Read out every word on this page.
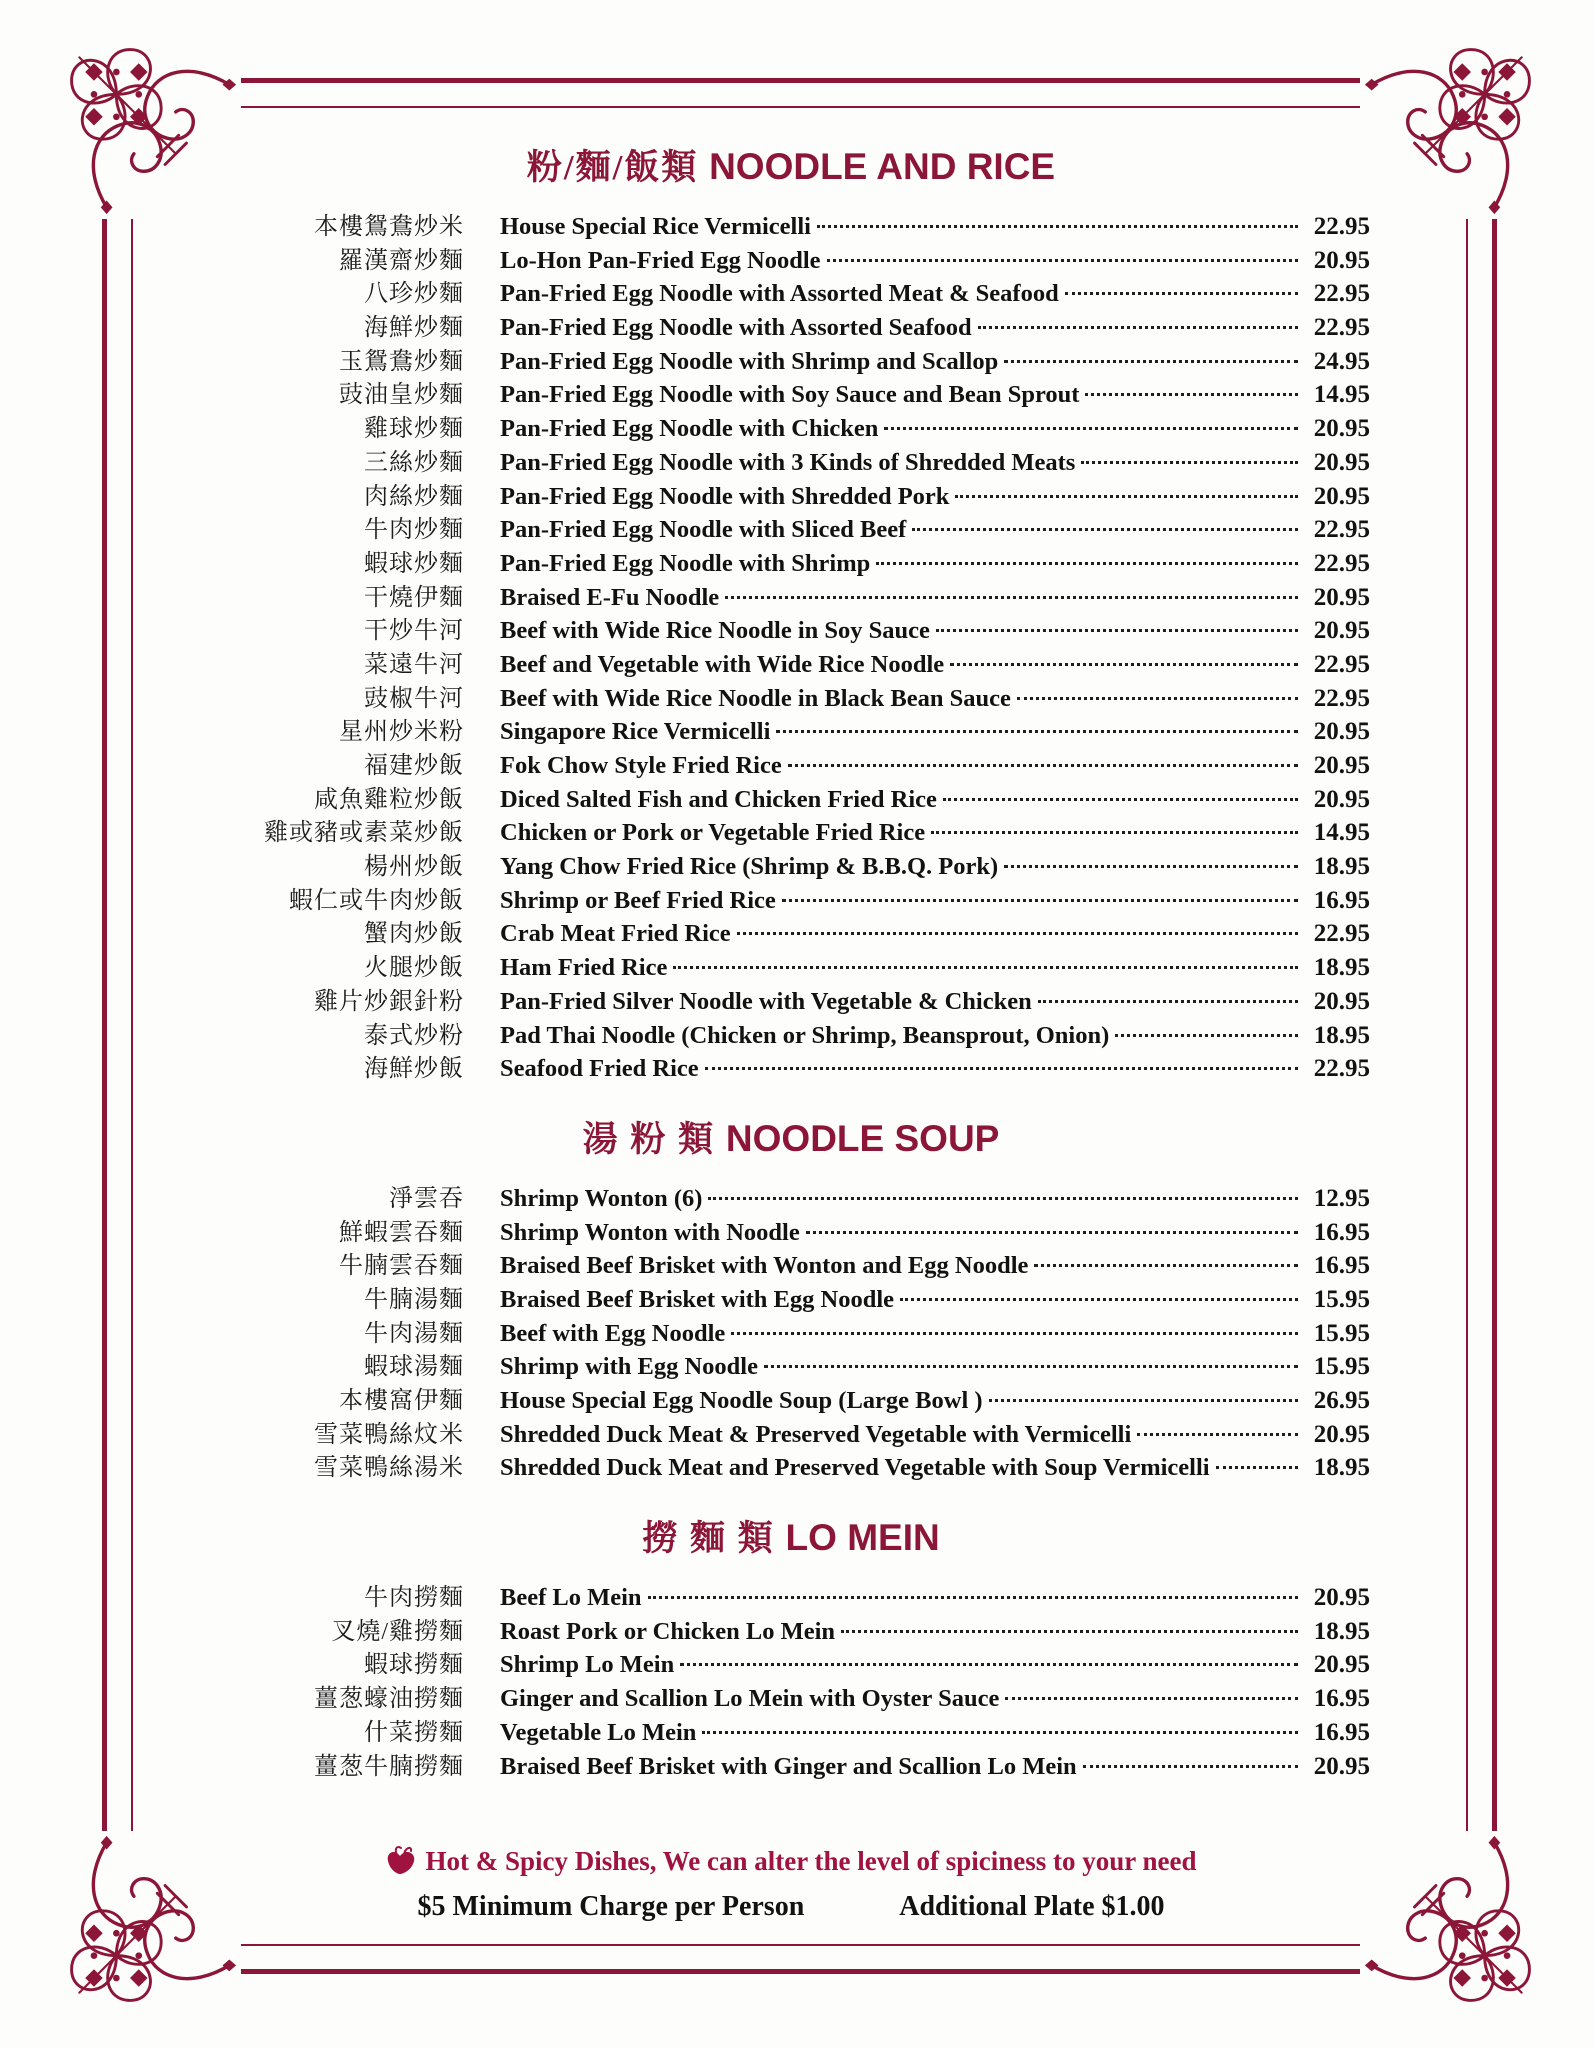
粉/麵/飯類 NOODLE AND RICE
本樓鴛鴦炒米 House Special Rice Vermicelli	22.95
羅漢齋炒麵 Lo-Hon Pan-Fried Egg Noodle	20.95
八珍炒麵 Pan-Fried Egg Noodle with Assorted Meat & Seafood	22.95
海鮮炒麵 Pan-Fried Egg Noodle with Assorted Seafood	22.95
玉鴛鴦炒麵 Pan-Fried Egg Noodle with Shrimp and Scallop	24.95
豉油皇炒麵 Pan-Fried Egg Noodle with Soy Sauce and Bean Sprout	14.95
雞球炒麵 Pan-Fried Egg Noodle with Chicken	20.95
三絲炒麵 Pan-Fried Egg Noodle with 3 Kinds of Shredded Meats	20.95
肉絲炒麵 Pan-Fried Egg Noodle with Shredded Pork	20.95
牛肉炒麵 Pan-Fried Egg Noodle with Sliced Beef	22.95
蝦球炒麵 Pan-Fried Egg Noodle with Shrimp	22.95
干燒伊麵 Braised E-Fu Noodle	20.95
干炒牛河 Beef with Wide Rice Noodle in Soy Sauce	20.95
菜遠牛河 Beef and Vegetable with Wide Rice Noodle	22.95
豉椒牛河 Beef with Wide Rice Noodle in Black Bean Sauce	22.95
星州炒米粉 Singapore Rice Vermicelli	20.95
福建炒飯 Fok Chow Style Fried Rice	20.95
咸魚雞粒炒飯 Diced Salted Fish and Chicken Fried Rice	20.95
雞或豬或素菜炒飯 Chicken or Pork or Vegetable Fried Rice	14.95
楊州炒飯 Yang Chow Fried Rice (Shrimp & B.B.Q. Pork)	18.95
蝦仁或牛肉炒飯 Shrimp or Beef Fried Rice	16.95
蟹肉炒飯 Crab Meat Fried Rice	22.95
火腿炒飯 Ham Fried Rice	18.95
雞片炒銀針粉 Pan-Fried Silver Noodle with Vegetable & Chicken	20.95
泰式炒粉 Pad Thai Noodle (Chicken or Shrimp, Beansprout, Onion)	18.95
海鮮炒飯 Seafood Fried Rice	22.95
湯 粉 類 NOODLE SOUP
淨雲吞 Shrimp Wonton (6)	12.95
鮮蝦雲吞麵 Shrimp Wonton with Noodle	16.95
牛腩雲吞麵 Braised Beef Brisket with Wonton and Egg Noodle	16.95
牛腩湯麵 Braised Beef Brisket with Egg Noodle	15.95
牛肉湯麵 Beef with Egg Noodle	15.95
蝦球湯麵 Shrimp with Egg Noodle	15.95
本樓窩伊麵 House Special Egg Noodle Soup (Large Bowl )	26.95
雪菜鴨絲炆米 Shredded Duck Meat & Preserved Vegetable with Vermicelli	20.95
雪菜鴨絲湯米 Shredded Duck Meat and Preserved Vegetable with Soup Vermicelli	18.95
撈 麵 類 LO MEIN
牛肉撈麵 Beef Lo Mein	20.95
叉燒/雞撈麵 Roast Pork or Chicken Lo Mein	18.95
蝦球撈麵 Shrimp Lo Mein	20.95
薑葱蠔油撈麵 Ginger and Scallion Lo Mein with Oyster Sauce	16.95
什菜撈麵 Vegetable Lo Mein	16.95
薑葱牛腩撈麵 Braised Beef Brisket with Ginger and Scallion Lo Mein	20.95
Hot & Spicy Dishes, We can alter the level of spiciness to your need
$5 Minimum Charge per Person	Additional Plate $1.00
